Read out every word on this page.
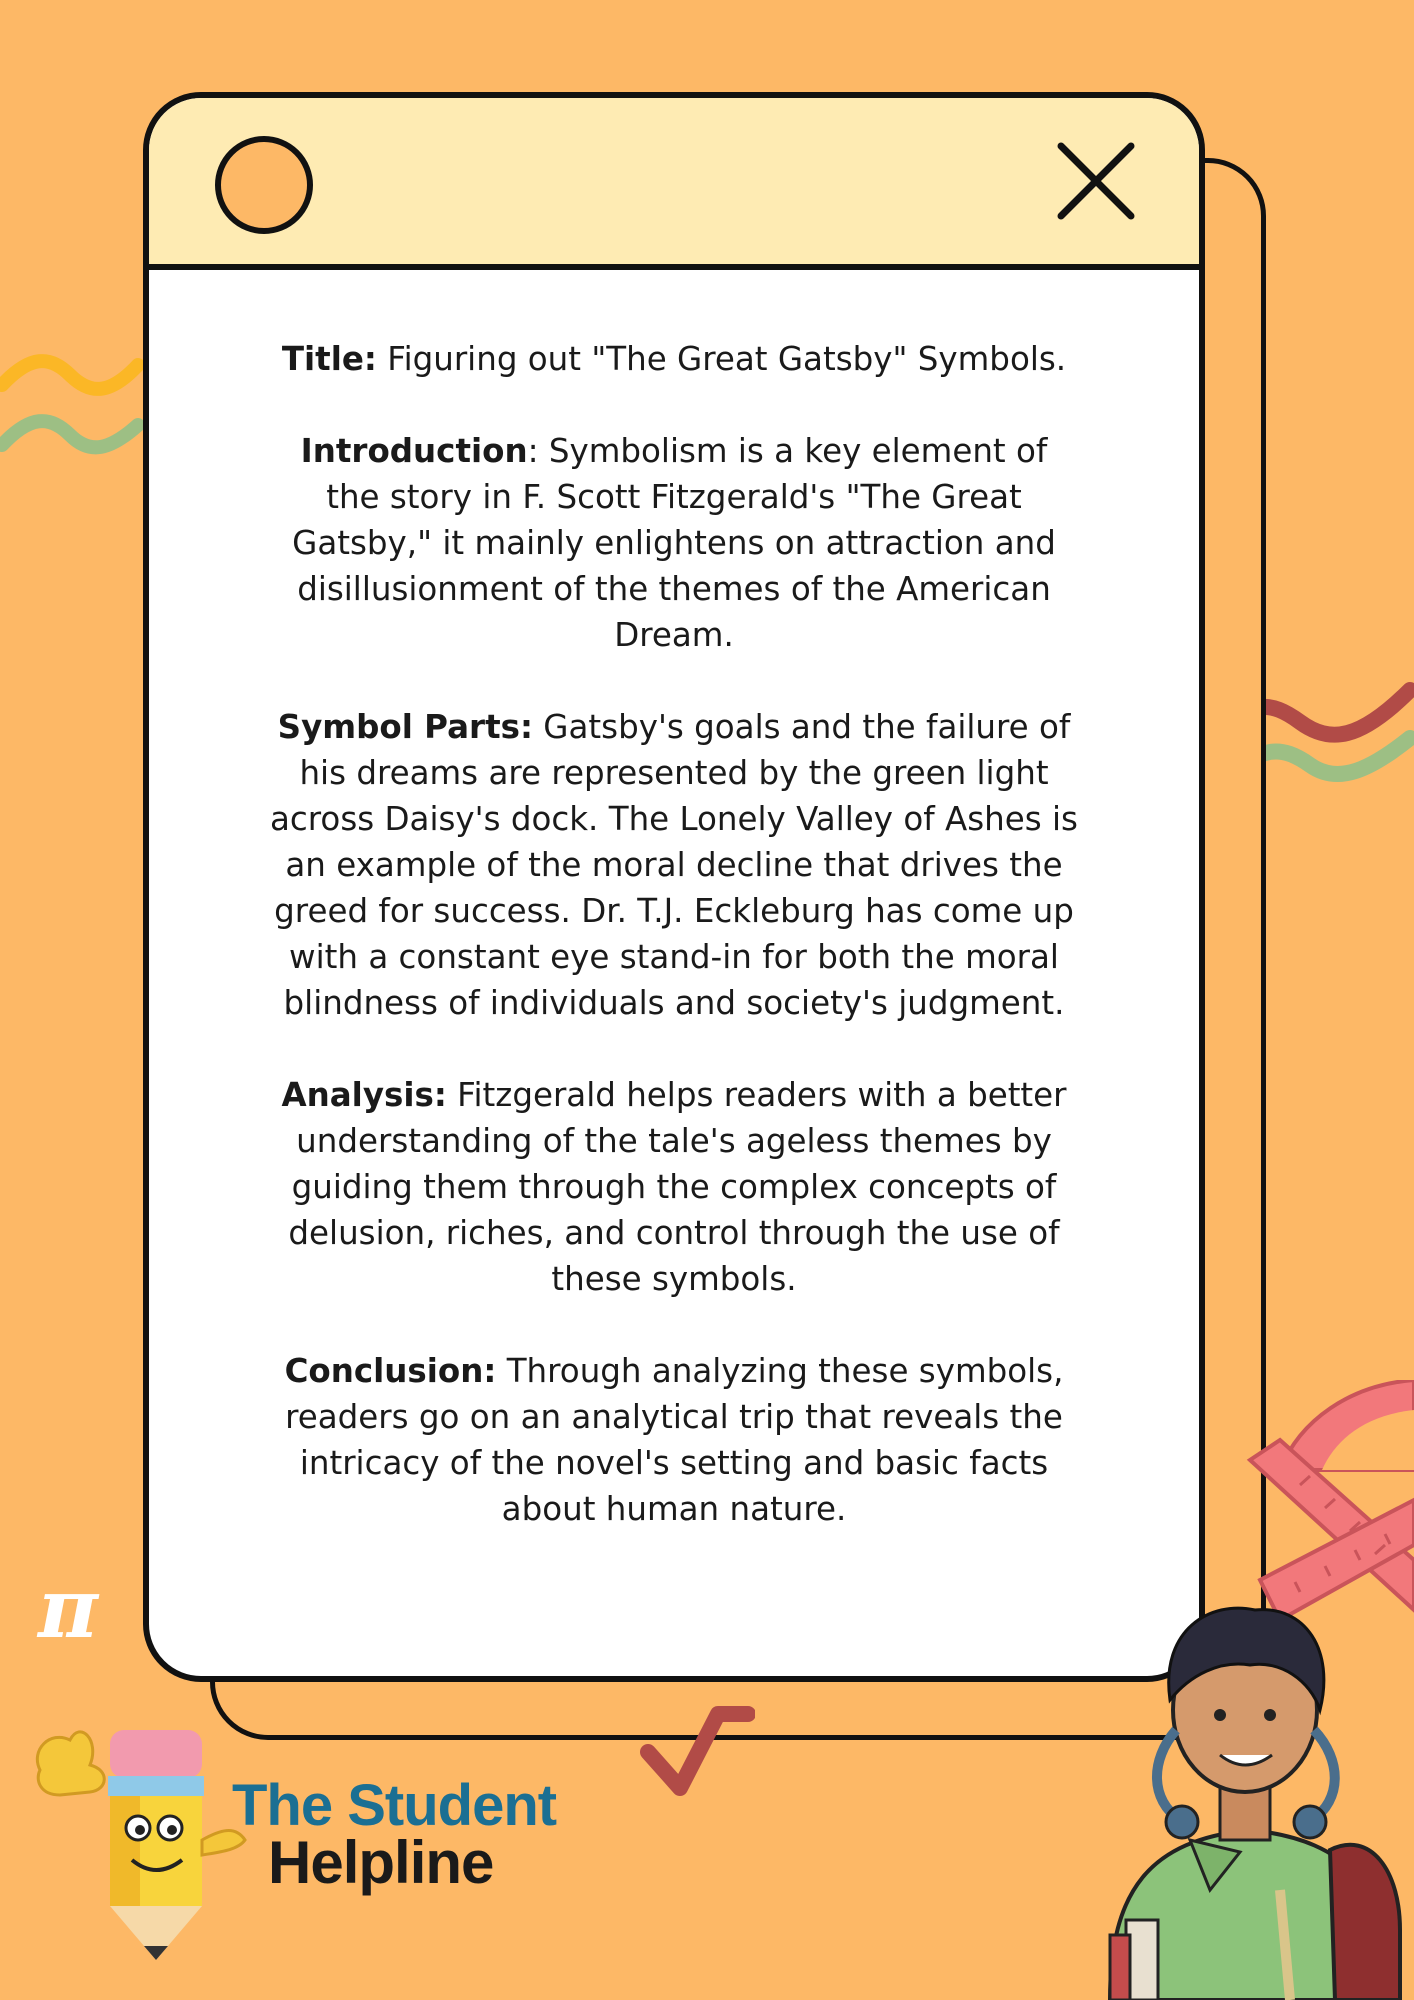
Title: Figuring out "The Great Gatsby" Symbols.

Introduction: Symbolism is a key element of the story in F. Scott Fitzgerald's "The Great Gatsby," it mainly enlightens on attraction and disillusionment of the themes of the American Dream.

Symbol Parts: Gatsby's goals and the failure of his dreams are represented by the green light across Daisy's dock. The Lonely Valley of Ashes is an example of the moral decline that drives the greed for success. Dr. T.J. Eckleburg has come up with a constant eye stand-in for both the moral blindness of individuals and society's judgment.

Analysis: Fitzgerald helps readers with a better understanding of the tale's ageless themes by guiding them through the complex concepts of delusion, riches, and control through the use of these symbols.

Conclusion: Through analyzing these symbols, readers go on an analytical trip that reveals the intricacy of the novel's setting and basic facts about human nature.

π
The Student
Helpline
